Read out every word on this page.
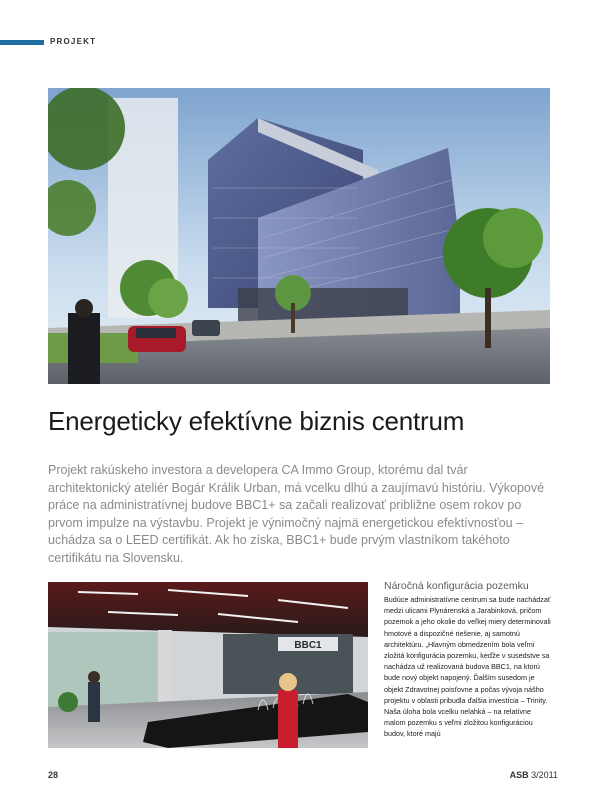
PROJEKT
Energeticky efektívne biznis centrum

Projekt rakúskeho investora a developera CA Immo Group, ktorému dal tvár architektonický ateliér Bogár Králik Urban, má vcelku dlhú a zaujímavú históriu. Výkopové práce na administratívnej budove BBC1+ sa začali realizovať približne osem rokov po prvom impulze na výstavbu. Projekt je výnimočný najmä energetickou efektívnosťou – uchádza sa o LEED certifikát. Ak ho získa, BBC1+ bude prvým vlastníkom takéhoto certifikátu na Slovensku.

BBC1

Náročná konfigurácia pozemku

Budúce administratívne centrum sa bude nachádzať medzi ulicami Plynárenská a Jarabinková, pričom pozemok a jeho okolie do veľkej miery determinovali hmotové a dispozičné riešenie, aj samotnú architektúru. „Hlavným obmedzením bola veľmi zložitá konfigurácia pozemku, keďže v susedstve sa nachádza už realizovaná budova BBC1, na ktorú bude nový objekt napojený. Ďalším susedom je objekt Zdravotnej poisťovne a počas vývoja nášho projektu v oblasti pribudla ďalšia investícia – Trinity. Naša úloha bola vcelku nelahká – na relatívne malom pozemku s veľmi zložitou konfiguráciou budov, ktoré majú

28	ASB 3/2011
